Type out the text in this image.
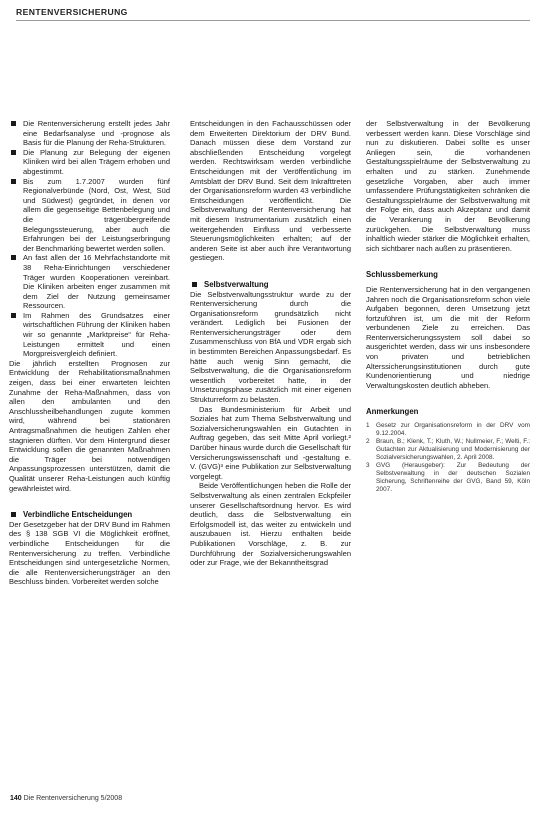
RENTENVERSICHERUNG
Die Rentenversicherung erstellt jedes Jahr eine Bedarfsanalyse und -prognose als Basis für die Planung der Reha-Strukturen.
Die Planung zur Belegung der eigenen Kliniken wird bei allen Trägern erhoben und abgestimmt.
Bis zum 1.7.2007 wurden fünf Regionalverbünde (Nord, Ost, West, Süd und Südwest) gegründet, in denen vor allem die gegenseitige Bettenbelegung und die trägerübergreifende Belegungssteuerung, aber auch die Erfahrungen bei der Leistungserbringung der Benchmarking bewertet werden sollen.
An fast allen der 16 Mehrfachstandorte mit 38 Reha-Einrichtungen verschiedener Träger wurden Kooperationen vereinbart. Die Kliniken arbeiten enger zusammen mit dem Ziel der Nutzung gemeinsamer Ressourcen.
Im Rahmen des Grundsatzes einer wirtschaftlichen Führung der Kliniken haben wir so genannte „Marktpreise“ für Reha-Leistungen ermittelt und einen Morgpreisvergleich definiert.

Die jährlich erstellten Prognosen zur Entwicklung der Rehabilitationsmaßnahmen zeigen, dass bei einer erwarteten leichten Zunahme der Reha-Maßnahmen, dass von allen den ambulanten und den Anschlussheilbehandlungen zugute kommen wird, während bei stationären Antragsmaßnahmen die heutigen Zahlen eher stagnieren dürften. Vor dem Hintergrund dieser Entwicklung sollen die genannten Maßnahmen die Träger bei notwendigen Anpassungsprozessen unterstützen, damit die Qualität unserer Reha-Leistungen auch künftig gewährleistet wird.

Verbindliche Entscheidungen

Der Gesetzgeber hat der DRV Bund im Rahmen des § 138 SGB VI die Möglichkeit eröffnet, verbindliche Entscheidungen für die Rentenversicherung zu treffen. Verbindliche Entscheidungen sind untergesetzliche Normen, die alle Rentenversicherungsträger an den Beschluss binden. Vorbereitet werden solche

Entscheidungen in den Fachausschüssen oder dem Erweiterten Direktorium der DRV Bund. Danach müssen diese dem Vorstand zur abschließenden Entscheidung vorgelegt werden. Rechtswirksam werden verbindliche Entscheidungen mit der Veröffentlichung im Amtsblatt der DRV Bund. Seit dem Inkrafttreten der Organisationsreform wurden 43 verbindliche Entscheidungen veröffentlicht. Die Selbstverwaltung der Rentenversicherung hat mit diesem Instrumentarium zusätzlich einen weitergehenden Einfluss und verbesserte Steuerungsmöglichkeiten erhalten; auf der anderen Seite ist aber auch ihre Verantwortung gestiegen.

Selbstverwaltung

Die Selbstverwaltungsstruktur wurde zu der Rentenversicherung durch die Organisationsreform grundsätzlich nicht verändert. Lediglich bei Fusionen der Rentenversicherungsträger oder dem Zusammenschluss von BfA und VDR ergab sich in bestimmten Bereichen Anpassungsbedarf. Es hätte auch wenig Sinn gemacht, die Selbstverwaltung, die die Organisationsreform wesentlich vorbereitet hatte, in der Umsetzungsphase zusätzlich mit einer eigenen Strukturreform zu belasten.

Das Bundesministerium für Arbeit und Soziales hat zum Thema Selbstverwaltung und Sozialversicherungswahlen ein Gutachten in Auftrag gegeben, das seit Mitte April vorliegt.² Darüber hinaus wurde durch die Gesellschaft für Versicherungswissenschaft und -gestaltung e. V. (GVG)³ eine Publikation zur Selbstverwaltung vorgelegt.

Beide Veröffentlichungen heben die Rolle der Selbstverwaltung als einen zentralen Eckpfeiler unserer Gesellschaftsordnung hervor. Es wird deutlich, dass die Selbstverwaltung ein Erfolgsmodell ist, das weiter zu entwickeln und auszubauen ist. Hierzu enthalten beide Publikationen Vorschläge, z. B. zur Durchführung der Sozialversicherungswahlen oder zur Frage, wie der Bekanntheitsgrad

der Selbstverwaltung in der Bevölkerung verbessert werden kann. Diese Vorschläge sind nun zu diskutieren. Dabei sollte es unser Anliegen sein, die vorhandenen Gestaltungsspielräume der Selbstverwaltung zu erhalten und zu stärken. Zunehmende gesetzliche Vorgaben, aber auch immer umfassendere Prüfungstätigkeiten schränken die Gestaltungsspielräume der Selbstverwaltung mit der Folge ein, dass auch Akzeptanz und damit die Verankerung in der Bevölkerung zurückgehen. Die Selbstverwaltung muss inhaltlich wieder stärker die Möglichkeit erhalten, sich sichtbarer nach außen zu präsentieren.

Schlussbemerkung

Die Rentenversicherung hat in den vergangenen Jahren noch die Organisationsreform schon viele Aufgaben begonnen, deren Umsetzung jetzt fortzuführen ist, um die mit der Reform verbundenen Ziele zu erreichen. Das Rentenversicherungssystem soll dabei so ausgerichtet werden, dass wir uns insbesondere von privaten und betrieblichen Alterssicherungsinstitutionen durch gute Kundenorientierung und niedrige Verwaltungskosten deutlich abheben.

Anmerkungen
1 Gesetz zur Organisationsreform in der DRV vom 9.12.2004.
2 Braun, B.; Klenk, T.; Kluth, W.; Nullmeier, F.; Welti, F.: Gutachten zur Aktualisierung und Modernisierung der Sozialversicherungswahlen, 2. April 2008.
3 GVG (Herausgeber): Zur Bedeutung der Selbstverwaltung in der deutschen Sozialen Sicherung, Schriftenreihe der GVG, Band 59, Köln 2007.
140 Die Rentenversicherung 5/2008
